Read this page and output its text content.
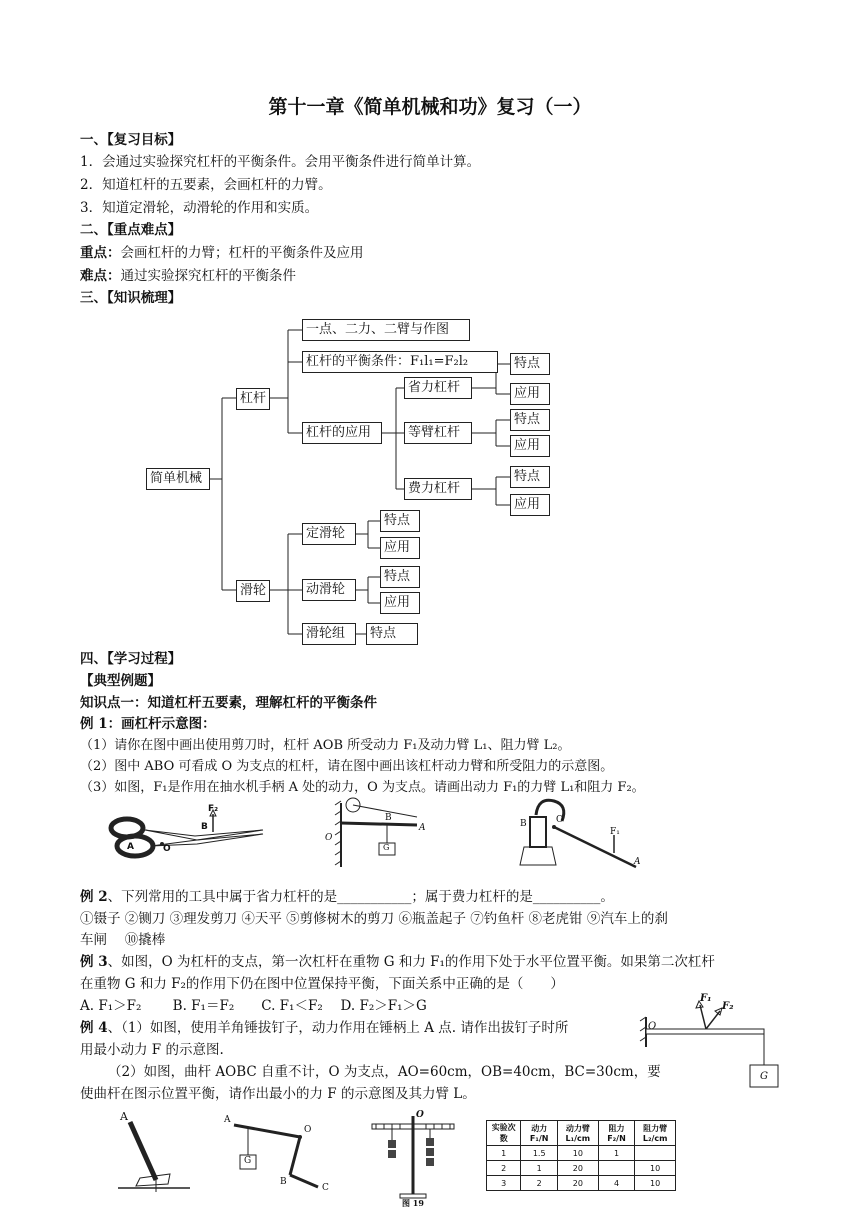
第十一章《简单机械和功》复习（一）
一、【复习目标】
1．会通过实验探究杠杆的平衡条件。会用平衡条件进行简单计算。
2．知道杠杆的五要素，会画杠杆的力臂。
3．知道定滑轮，动滑轮的作用和实质。
二、【重点难点】
重点：会画杠杆的力臂；杠杆的平衡条件及应用
难点：通过实验探究杠杆的平衡条件
三、【知识梳理】
简单机械
杠杆
滑轮
一点、二力、二臂与作图
杠杆的平衡条件：F₁l₁=F₂l₂
杠杆的应用
省力杠杆
等臂杠杆
费力杠杆
特点
应用
特点
应用
特点
应用
定滑轮
动滑轮
滑轮组
特点
应用
特点
应用
特点
四、【学习过程】
【典型例题】
知识点一：知道杠杆五要素，理解杠杆的平衡条件
例 1：画杠杆示意图：
（1）请你在图中画出使用剪刀时，杠杆 AOB 所受动力 F₁及动力臂 L₁、阻力臂 L₂。
（2）图中 ABO 可看成 O 为支点的杠杆，请在图中画出该杠杆动力臂和所受阻力的示意图。
（3）如图，F₁是作用在抽水机手柄 A 处的动力，O 为支点。请画出动力 F₁的力臂 L₁和阻力 F₂。
B
F₂
A	O
O
B
A
G
B	O
F₁
A
例 2、下列常用的工具中属于省力杠杆的是___________；属于费力杠杆的是__________。
①镊子 ②铡刀 ③理发剪刀 ④天平 ⑤剪修树木的剪刀 ⑥瓶盖起子 ⑦钓鱼杆 ⑧老虎钳 ⑨汽车上的刹
车闸 　⑩撬棒
例 3、如图，O 为杠杆的支点，第一次杠杆在重物 G 和力 F₁的作用下处于水平位置平衡。如果第二次杠杆
在重物 G 和力 F₂的作用下仍在图中位置保持平衡，下面关系中正确的是（　　）
A. F₁＞F₂　　 B. F₁＝F₂　　C. F₁＜F₂　 D. F₂＞F₁＞G	F₁
F₂
O
G
例 4、（1）如图，使用羊角锤拔钉子，动力作用在锤柄上 A 点. 请作出拔钉子时所
用最小动力 F 的示意图.
（2）如图，曲杆 AOBC 自重不计，O 为支点，AO=60cm，OB=40cm，BC=30cm，要
使曲杆在图示位置平衡，请作出最小的力 F 的示意图及其力臂 L。
A	A
O
B
C
G
O
图 19
实验次数	动力 F₁/N	动力臂 L₁/cm	阻力 F₂/N	阻力臂 L₂/cm
1	1.5	10	1	
2	1	20		10
3	2	20	4	10
